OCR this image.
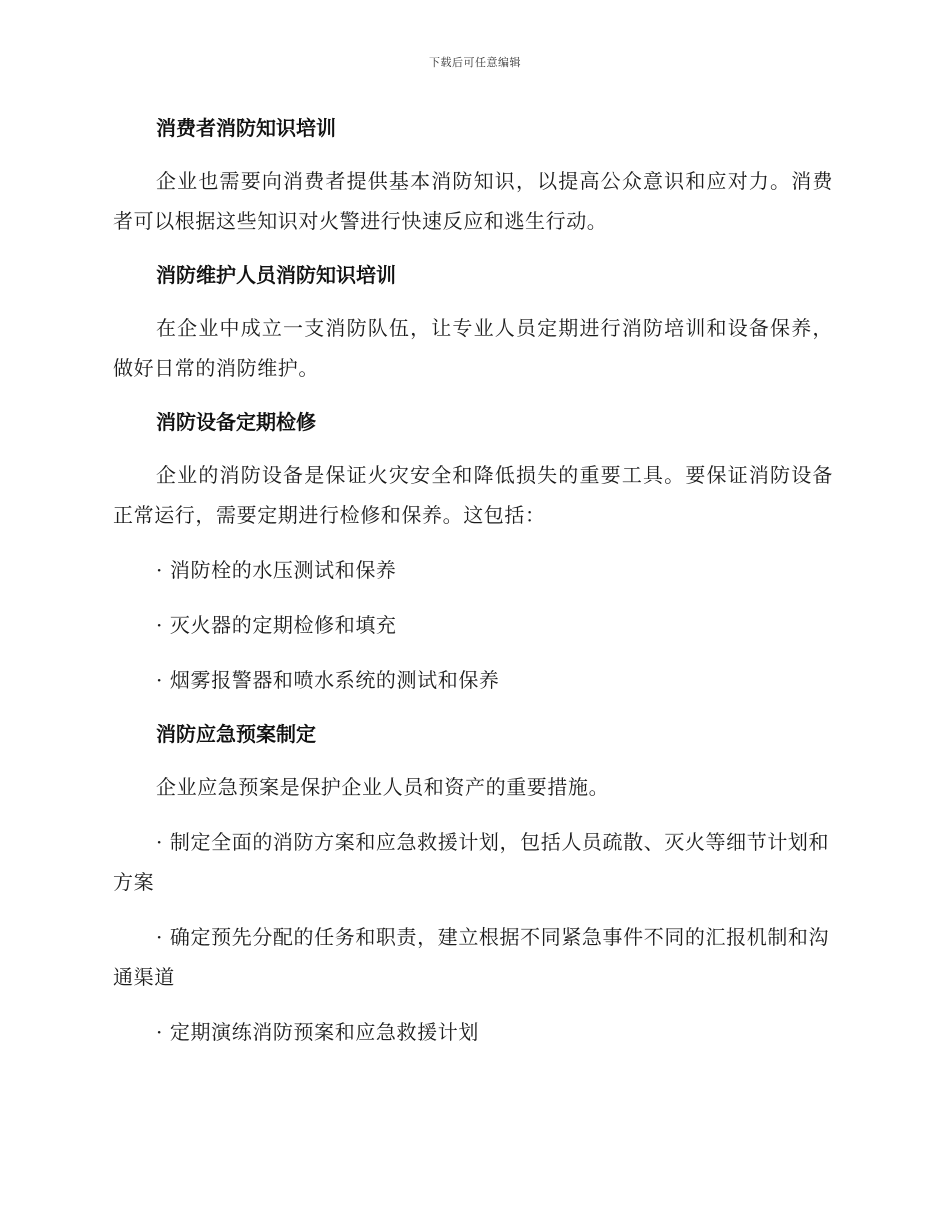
下载后可任意编辑
消费者消防知识培训
企业也需要向消费者提供基本消防知识，以提高公众意识和应对力。消费者可以根据这些知识对火警进行快速反应和逃生行动。
消防维护人员消防知识培训
在企业中成立一支消防队伍，让专业人员定期进行消防培训和设备保养，做好日常的消防维护。
消防设备定期检修
企业的消防设备是保证火灾安全和降低损失的重要工具。要保证消防设备正常运行，需要定期进行检修和保养。这包括：
· 消防栓的水压测试和保养
· 灭火器的定期检修和填充
· 烟雾报警器和喷水系统的测试和保养
消防应急预案制定
企业应急预案是保护企业人员和资产的重要措施。
· 制定全面的消防方案和应急救援计划，包括人员疏散、灭火等细节计划和方案
· 确定预先分配的任务和职责，建立根据不同紧急事件不同的汇报机制和沟通渠道
· 定期演练消防预案和应急救援计划
